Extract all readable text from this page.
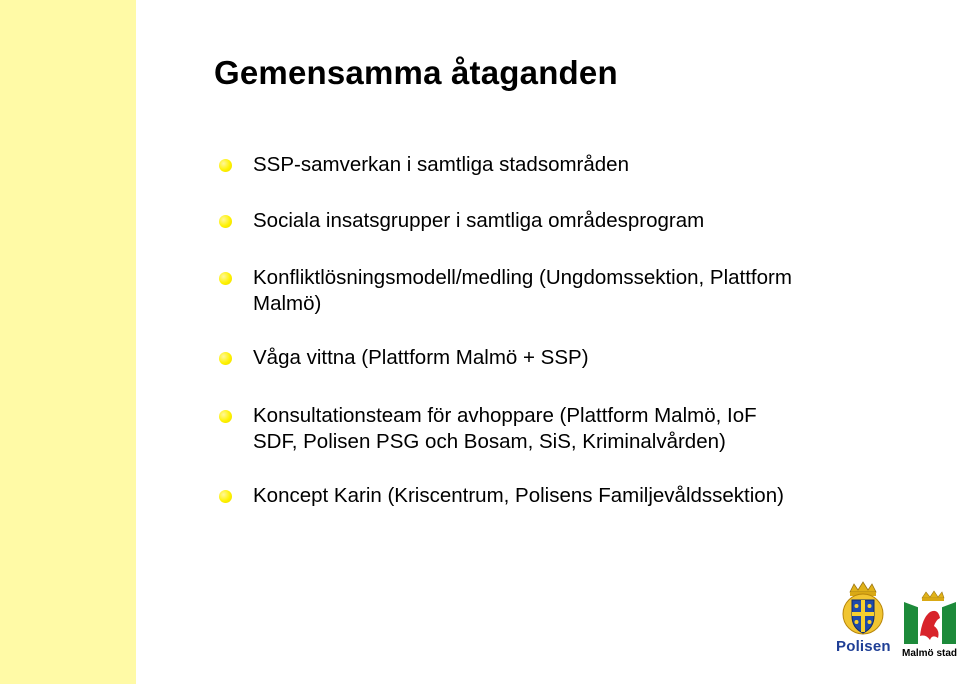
Gemensamma åtaganden
SSP-samverkan i samtliga stadsområden
Sociala insatsgrupper i samtliga områdesprogram
Konfliktlösningsmodell/medling (Ungdomssektion, Plattform
Malmö)
Våga vittna (Plattform Malmö + SSP)
Konsultationsteam för avhoppare (Plattform Malmö, IoF
SDF, Polisen PSG och Bosam, SiS, Kriminalvården)
Koncept Karin (Kriscentrum, Polisens Familjevåldssektion)
Polisen	Malmö stad
